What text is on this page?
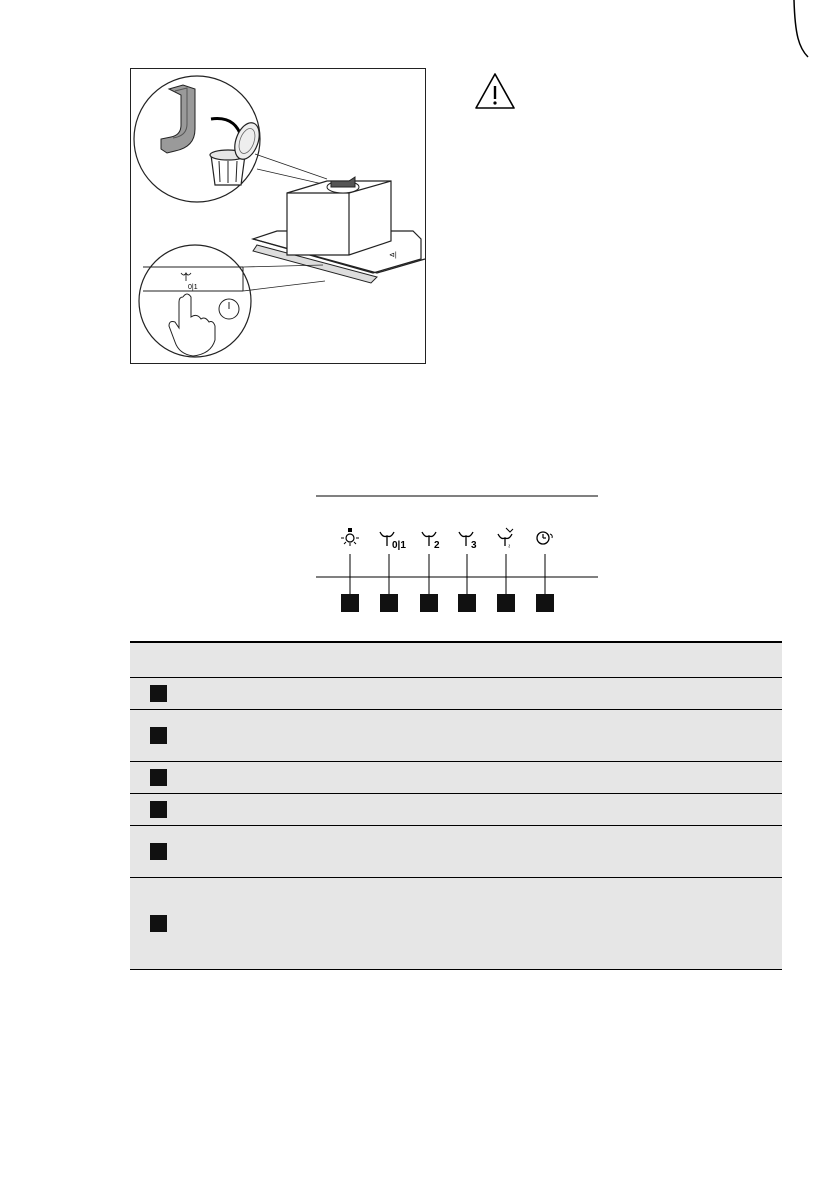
⊲|
0|1
0|1	2	3	≀
